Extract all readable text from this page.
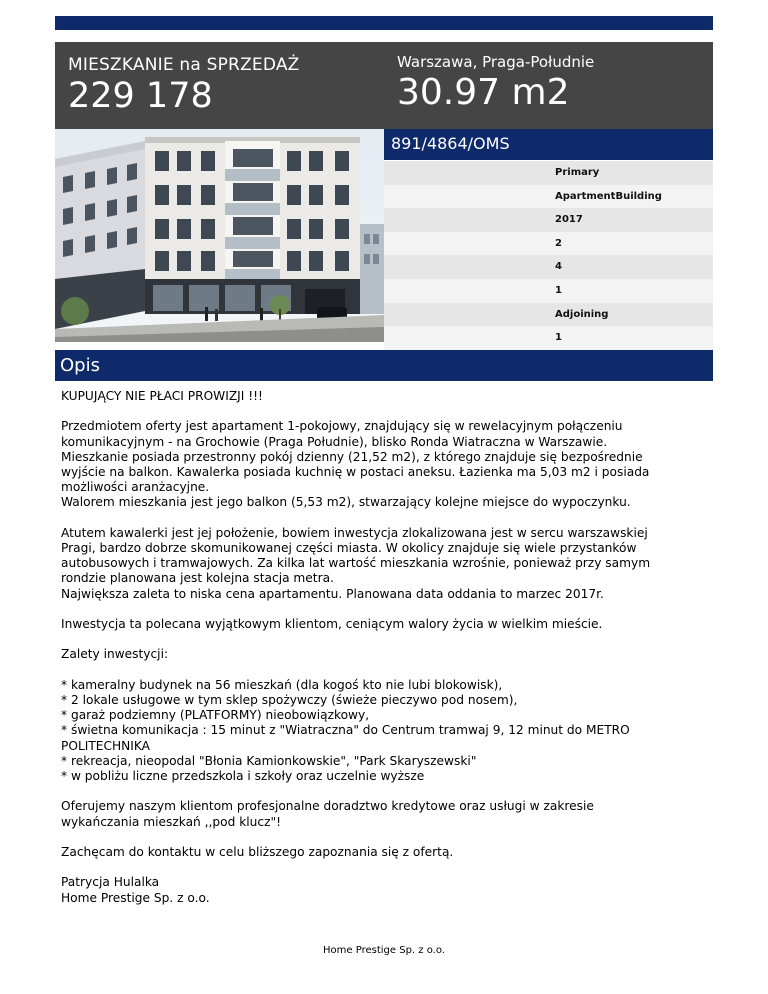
MIESZKANIE na SPRZEDAŻ
229 178
Warszawa, Praga-Południe
30.97 m2
891/4864/OMS
Primary
ApartmentBuilding
2017
2
4
1
Adjoining
1
Opis

KUPUJĄCY NIE PŁACI PROWIZJI !!!

Przedmiotem oferty jest apartament 1-pokojowy, znajdujący się w rewelacyjnym połączeniu
komunikacyjnym - na Grochowie (Praga Południe), blisko Ronda Wiatraczna w Warszawie.
Mieszkanie posiada przestronny pokój dzienny (21,52 m2), z którego znajduje się bezpośrednie
wyjście na balkon. Kawalerka posiada kuchnię w postaci aneksu. Łazienka ma 5,03 m2 i posiada
możliwości aranżacyjne.
Walorem mieszkania jest jego balkon (5,53 m2), stwarzający kolejne miejsce do wypoczynku.

Atutem kawalerki jest jej położenie, bowiem inwestycja zlokalizowana jest w sercu warszawskiej
Pragi, bardzo dobrze skomunikowanej części miasta. W okolicy znajduje się wiele przystanków
autobusowych i tramwajowych. Za kilka lat wartość mieszkania wzrośnie, ponieważ przy samym
rondzie planowana jest kolejna stacja metra.
Największa zaleta to niska cena apartamentu. Planowana data oddania to marzec 2017r.

Inwestycja ta polecana wyjątkowym klientom, ceniącym walory życia w wielkim mieście.

Zalety inwestycji:

* kameralny budynek na 56 mieszkań (dla kogoś kto nie lubi blokowisk),
* 2 lokale usługowe w tym sklep spożywczy (świeże pieczywo pod nosem),
* garaż podziemny (PLATFORMY) nieobowiązkowy,
* świetna komunikacja : 15 minut z "Wiatraczna" do Centrum tramwaj 9, 12 minut do METRO
POLITECHNIKA
* rekreacja, nieopodal "Błonia Kamionkowskie", "Park Skaryszewski"
* w pobliżu liczne przedszkola i szkoły oraz uczelnie wyższe

Oferujemy naszym klientom profesjonalne doradztwo kredytowe oraz usługi w zakresie
wykańczania mieszkań ,,pod klucz"!

Zachęcam do kontaktu w celu bliższego zapoznania się z ofertą.

Patrycja Hulalka
Home Prestige Sp. z o.o.

Home Prestige Sp. z o.o.
